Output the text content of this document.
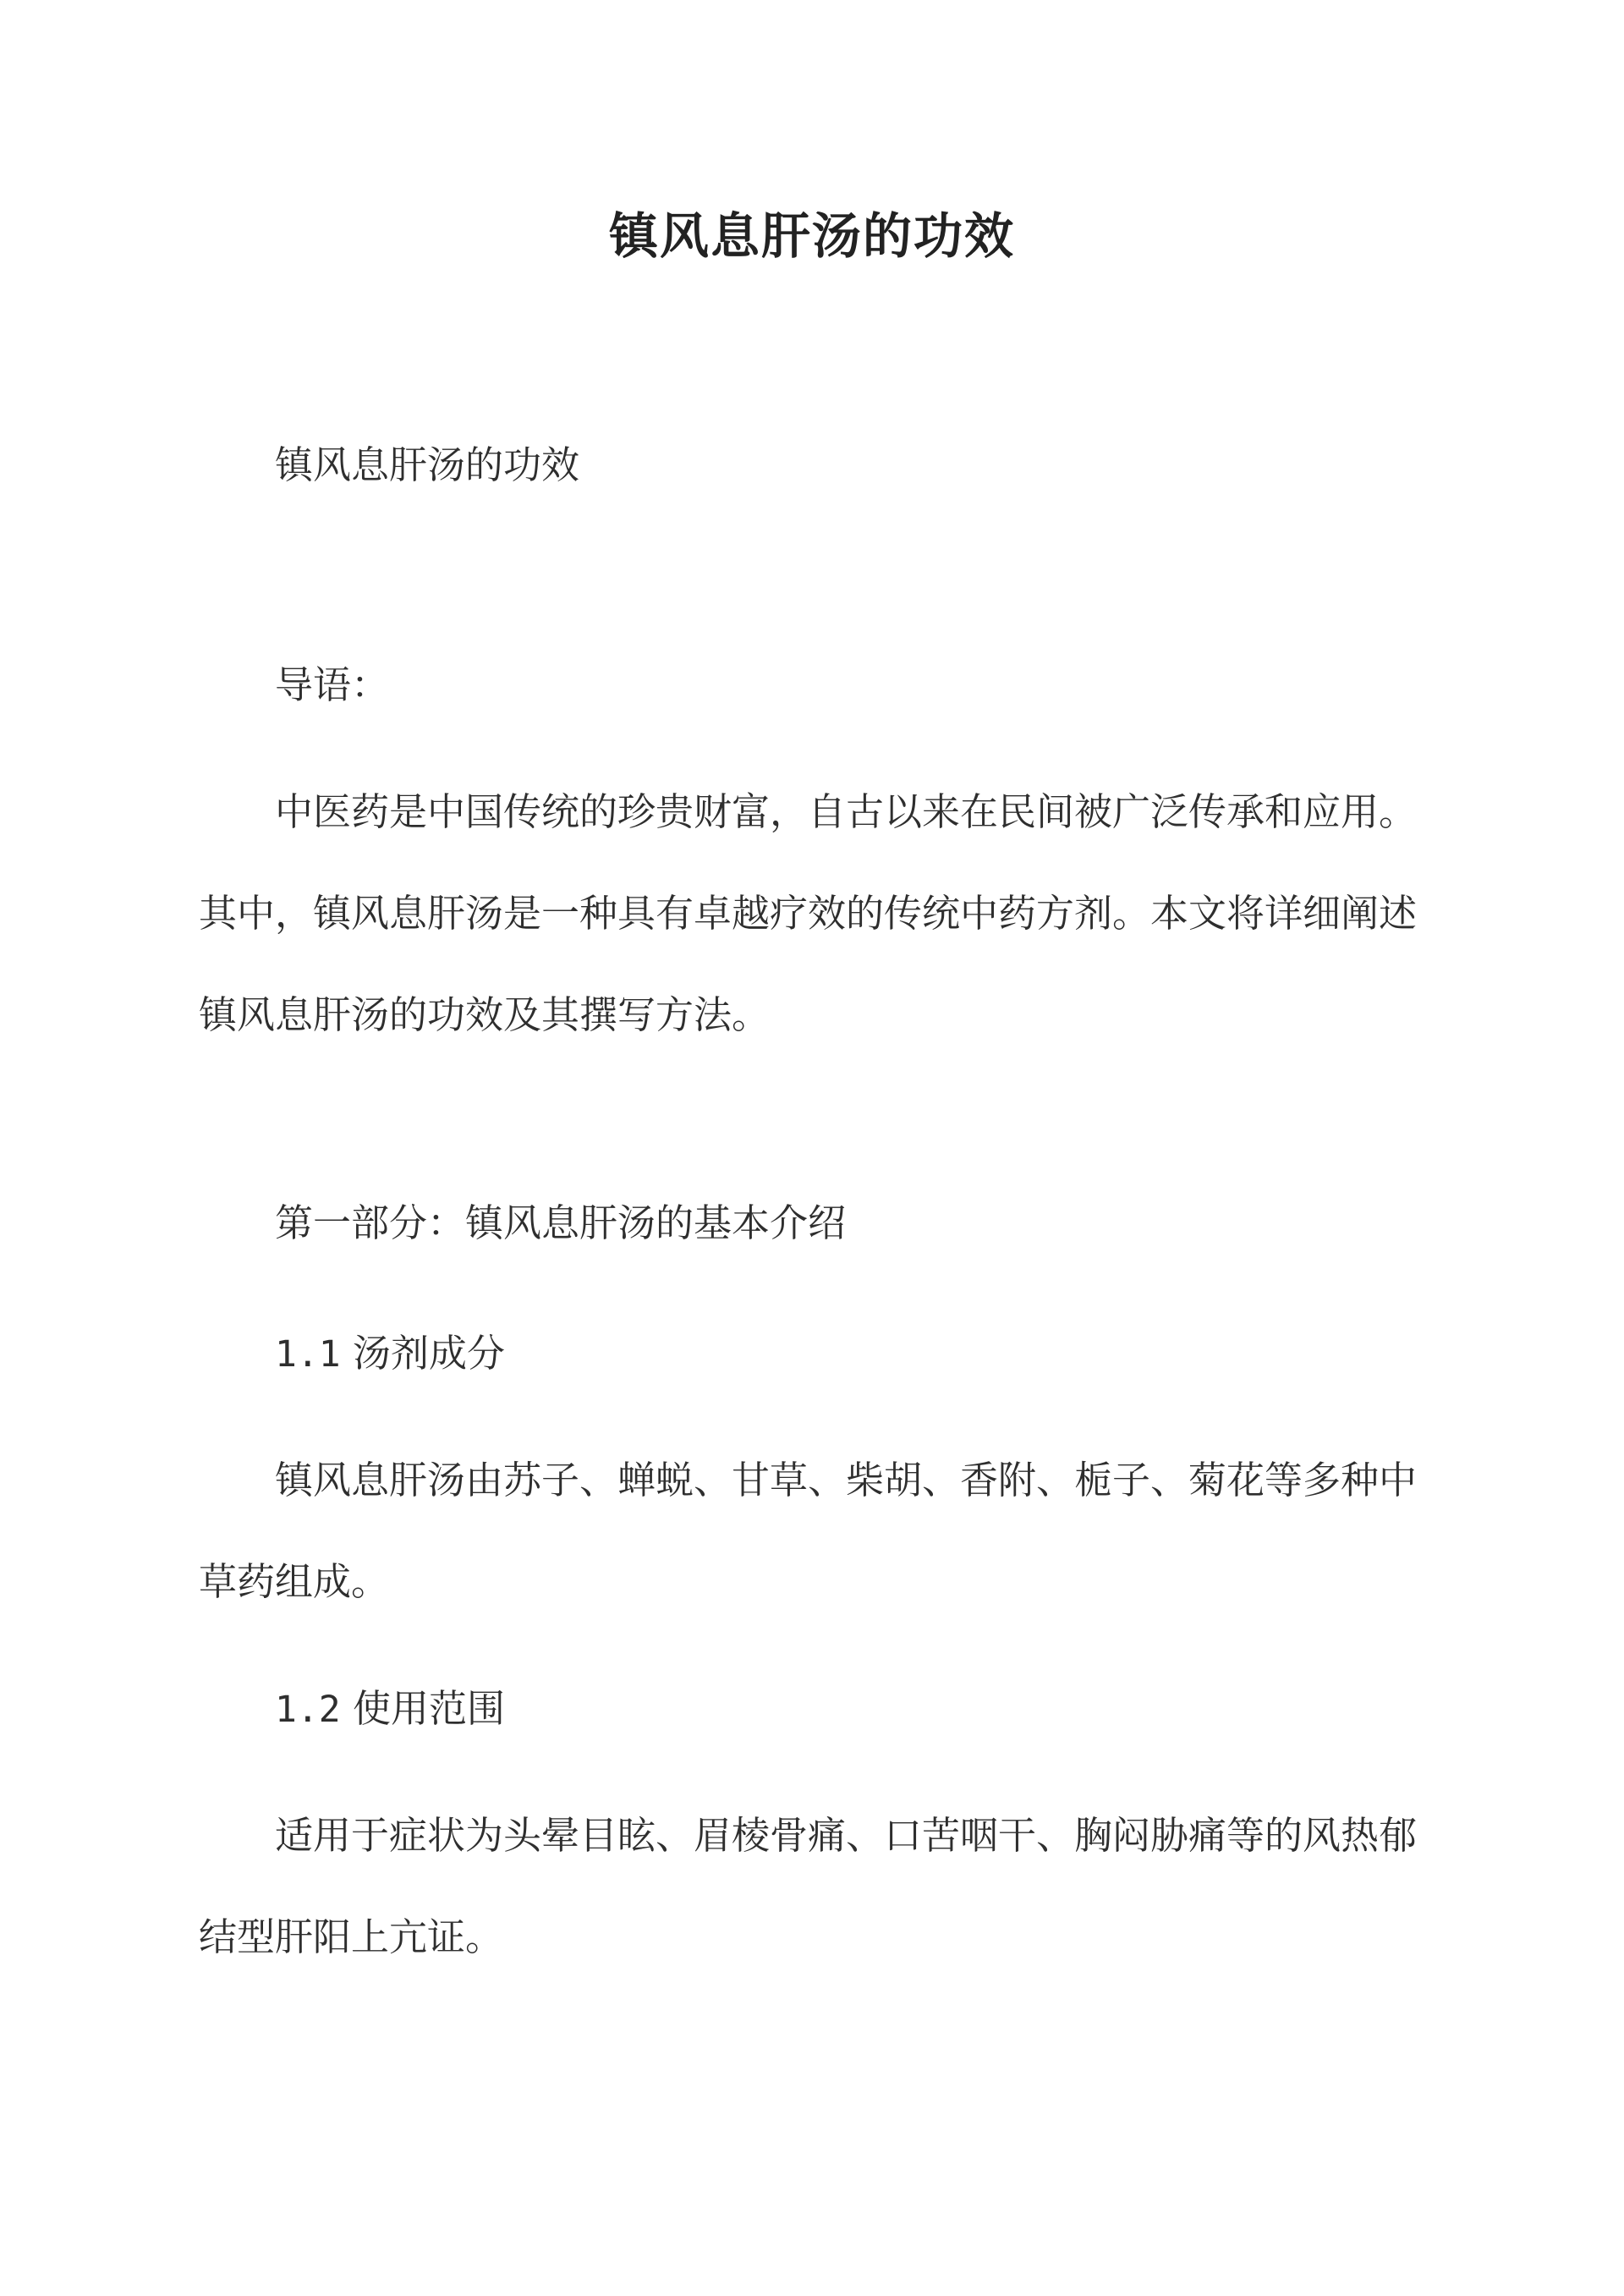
镇风息肝汤的功效

镇风息肝汤的功效

导语：

中医药是中国传统的珍贵财富，自古以来在民间被广泛传承和应用。其中，镇风息肝汤是一种具有卓越疗效的传统中药方剂。本文将详细阐述镇风息肝汤的功效及其撰写方法。

第一部分：镇风息肝汤的基本介绍

1.1 汤剂成分

镇风息肝汤由苏子、蝉蜕、甘草、柴胡、香附、栀子、菊花等多种中草药组成。

1.2 使用范围

适用于症状为头晕目眩、眉棱骨痛、口苦咽干、胸闷胁痛等的风热郁结型肝阳上亢证。
